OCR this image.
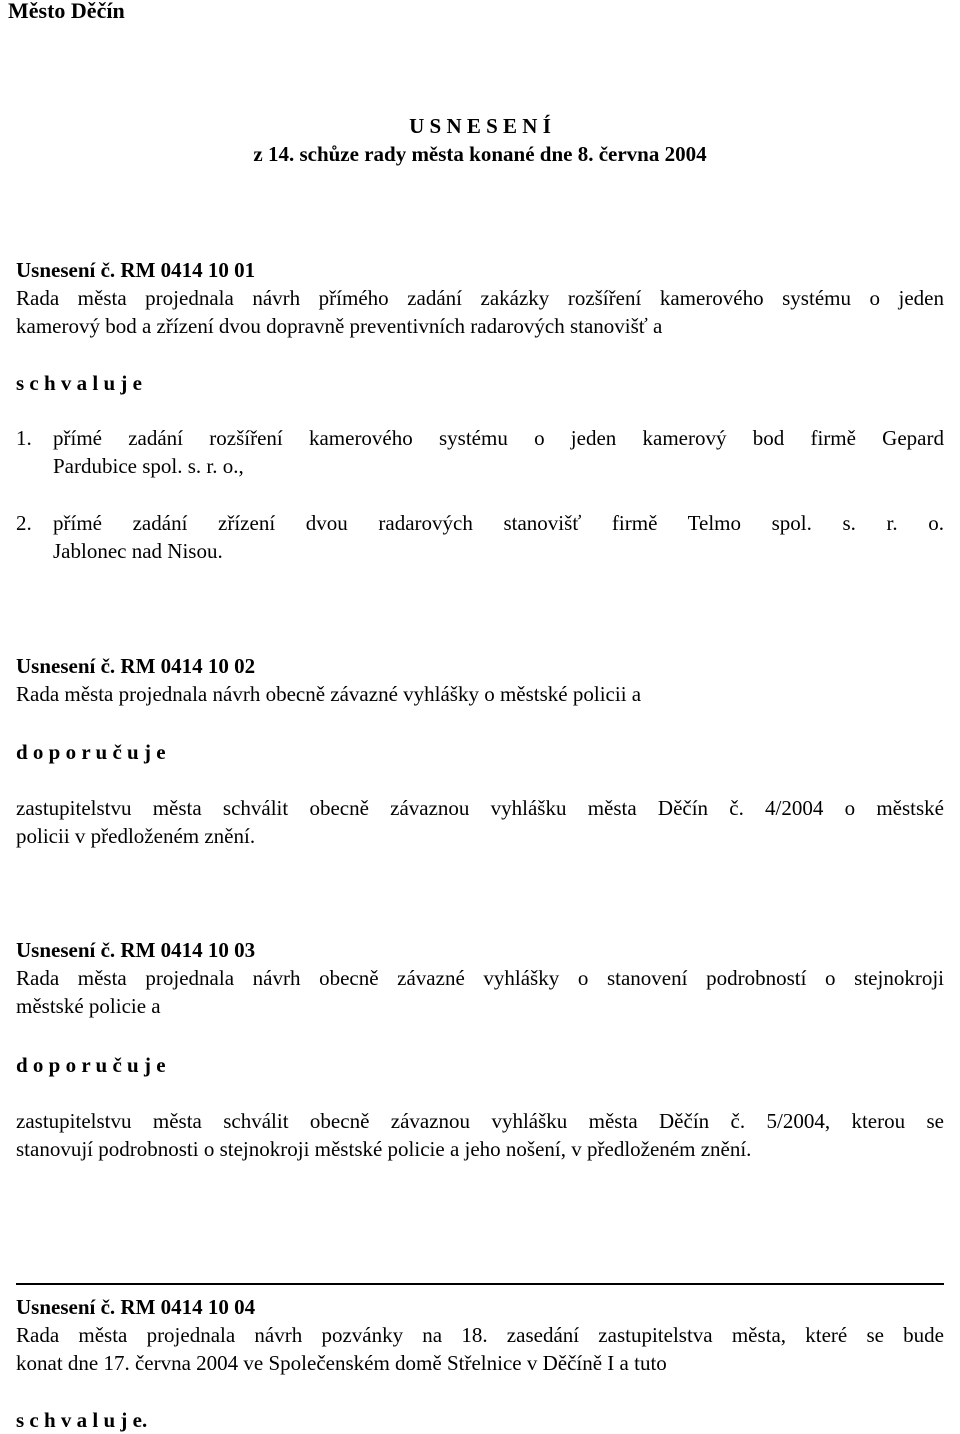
Město Děčín
U S N E S E N Í
z 14. schůze rady města konané dne 8. června 2004
Usnesení č. RM 0414 10 01
Rada města projednala návrh přímého zadání zakázky rozšíření kamerového systému o jeden
kamerový bod a zřízení dvou dopravně preventivních radarových stanovišť a
s c h v a l u j e
1. přímé zadání rozšíření kamerového systému o jeden kamerový bod firmě Gepard
Pardubice spol. s. r. o.,
2. přímé zadání zřízení dvou radarových stanovišť firmě Telmo spol. s. r. o.
Jablonec nad Nisou.
Usnesení č. RM 0414 10 02
Rada města projednala návrh obecně závazné vyhlášky o městské policii a
d o p o r u č u j e
zastupitelstvu města schválit obecně závaznou vyhlášku města Děčín č. 4/2004 o městské
policii v předloženém znění.
Usnesení č. RM 0414 10 03
Rada města projednala návrh obecně závazné vyhlášky o stanovení podrobností o stejnokroji
městské policie a
d o p o r u č u j e
zastupitelstvu města schválit obecně závaznou vyhlášku města Děčín č. 5/2004, kterou se
stanovují podrobnosti o stejnokroji městské policie a jeho nošení, v předloženém znění.
Usnesení č. RM 0414 10 04
Rada města projednala návrh pozvánky na 18. zasedání zastupitelstva města, které se bude
konat dne 17. června 2004 ve Společenském domě Střelnice v Děčíně I a tuto
s c h v a l u j e.
